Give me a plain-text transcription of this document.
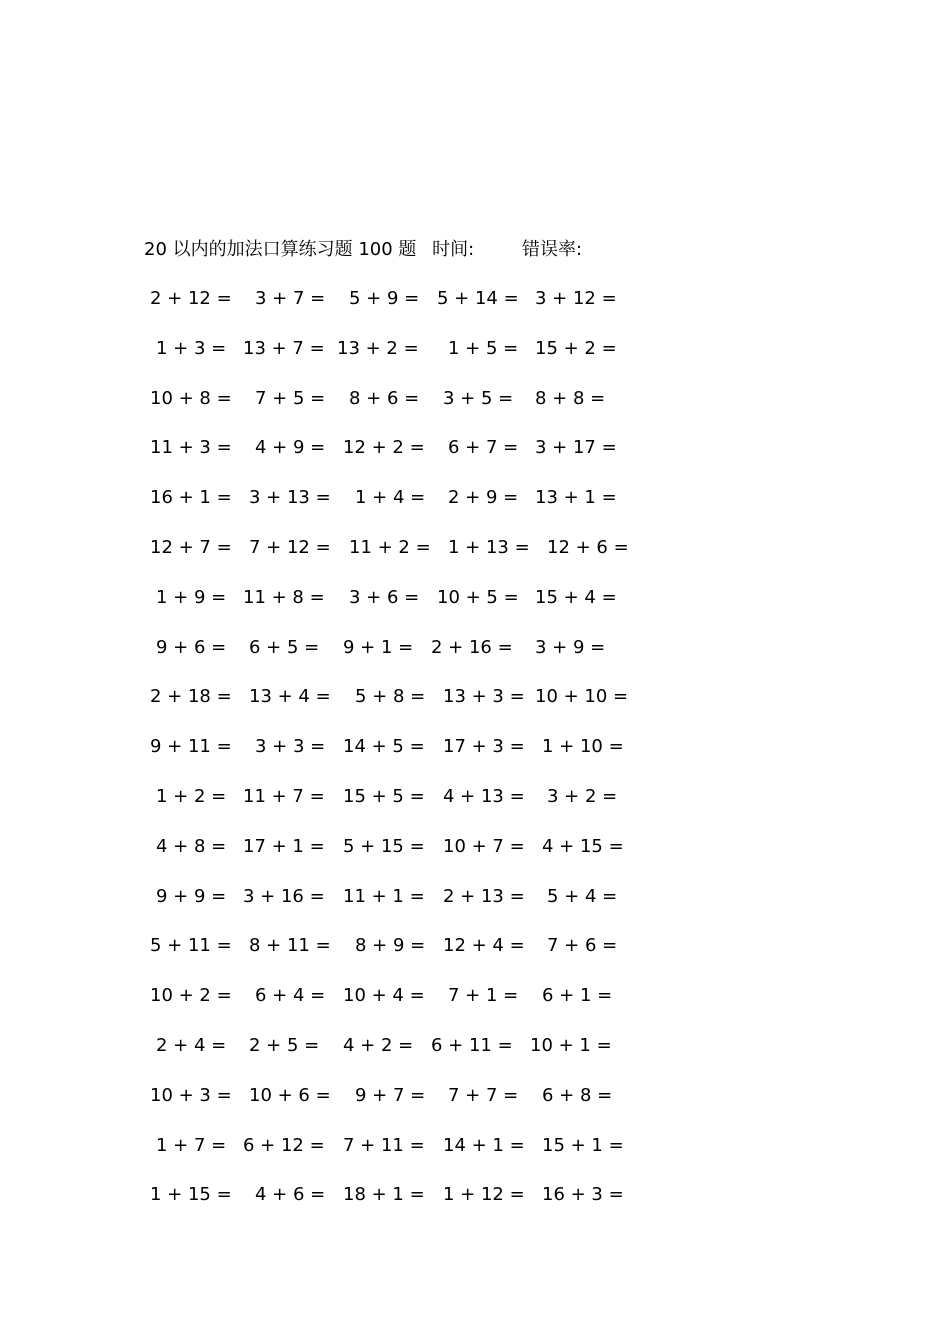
20 以内的加法口算练习题 100 题 时间:	错误率:
2 + 12 = 3 + 7 = 5 + 9 = 5 + 14 = 3 + 12 =
1 + 3 = 13 + 7 = 13 + 2 = 1 + 5 = 15 + 2 =
10 + 8 = 7 + 5 = 8 + 6 = 3 + 5 = 8 + 8 =
11 + 3 = 4 + 9 = 12 + 2 = 6 + 7 = 3 + 17 =
16 + 1 = 3 + 13 = 1 + 4 = 2 + 9 = 13 + 1 =
12 + 7 = 7 + 12 = 11 + 2 = 1 + 13 = 12 + 6 =
1 + 9 = 11 + 8 = 3 + 6 = 10 + 5 = 15 + 4 =
9 + 6 = 6 + 5 = 9 + 1 = 2 + 16 = 3 + 9 =
2 + 18 = 13 + 4 = 5 + 8 = 13 + 3 = 10 + 10 =
9 + 11 = 3 + 3 = 14 + 5 = 17 + 3 = 1 + 10 =
1 + 2 = 11 + 7 = 15 + 5 = 4 + 13 = 3 + 2 =
4 + 8 = 17 + 1 = 5 + 15 = 10 + 7 = 4 + 15 =
9 + 9 = 3 + 16 = 11 + 1 = 2 + 13 = 5 + 4 =
5 + 11 = 8 + 11 = 8 + 9 = 12 + 4 = 7 + 6 =
10 + 2 = 6 + 4 = 10 + 4 = 7 + 1 = 6 + 1 =
2 + 4 = 2 + 5 = 4 + 2 = 6 + 11 = 10 + 1 =
10 + 3 = 10 + 6 = 9 + 7 = 7 + 7 = 6 + 8 =
1 + 7 = 6 + 12 = 7 + 11 = 14 + 1 = 15 + 1 =
1 + 15 = 4 + 6 = 18 + 1 = 1 + 12 = 16 + 3 =
